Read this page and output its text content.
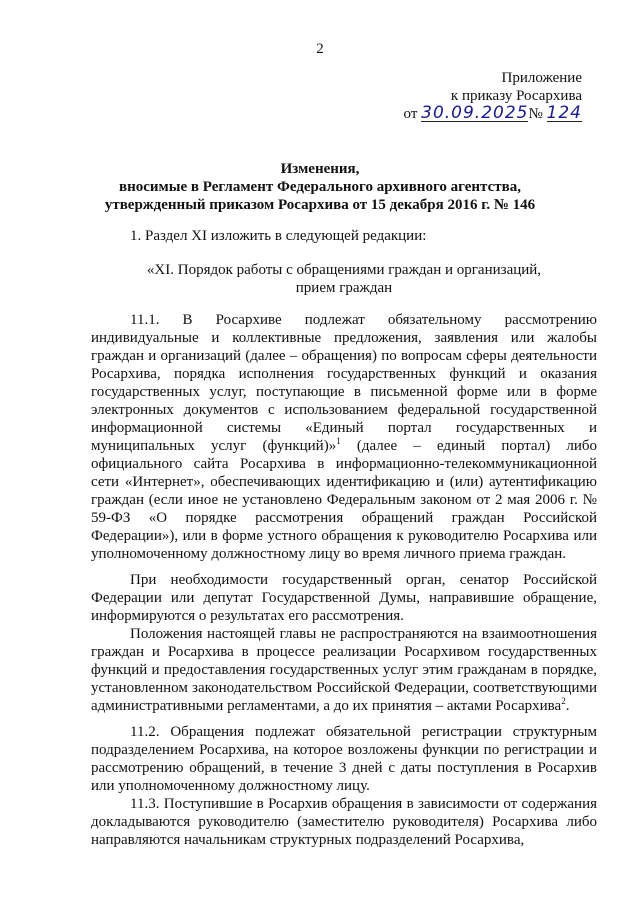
2
Приложение
к приказу Росархива
от 30.09.2025№ 124
Изменения,
вносимые в Регламент Федерального архивного агентства,
утвержденный приказом Росархива от 15 декабря 2016 г. № 146
1. Раздел XI изложить в следующей редакции:
«XI. Порядок работы с обращениями граждан и организаций,
прием граждан
11.1. В Росархиве подлежат обязательному рассмотрению индивидуальные и коллективные предложения, заявления или жалобы граждан и организаций (далее – обращения) по вопросам сферы деятельности Росархива, порядка исполнения государственных функций и оказания государственных услуг, поступающие в письменной форме или в форме электронных документов с использованием федеральной государственной информационной системы «Единый портал государственных и муниципальных услуг (функций)»$^1$ (далее – единый портал) либо официального сайта Росархива в информационно-телекоммуникационной сети «Интернет», обеспечивающих идентификацию и (или) аутентификацию граждан (если иное не установлено Федеральным законом от 2 мая 2006 г. № 59-ФЗ «О порядке рассмотрения обращений граждан Российской Федерации»), или в форме устного обращения к руководителю Росархива или уполномоченному должностному лицу во время личного приема граждан.
При необходимости государственный орган, сенатор Российской Федерации или депутат Государственной Думы, направившие обращение, информируются о результатах его рассмотрения.
Положения настоящей главы не распространяются на взаимоотношения граждан и Росархива в процессе реализации Росархивом государственных функций и предоставления государственных услуг этим гражданам в порядке, установленном законодательством Российской Федерации, соответствующими административными регламентами, а до их принятия – актами Росархива$^2$.
11.2. Обращения подлежат обязательной регистрации структурным подразделением Росархива, на которое возложены функции по регистрации и рассмотрению обращений, в течение 3 дней с даты поступления в Росархив или уполномоченному должностному лицу.
11.3. Поступившие в Росархив обращения в зависимости от содержания докладываются руководителю (заместителю руководителя) Росархива либо направляются начальникам структурных подразделений Росархива,
